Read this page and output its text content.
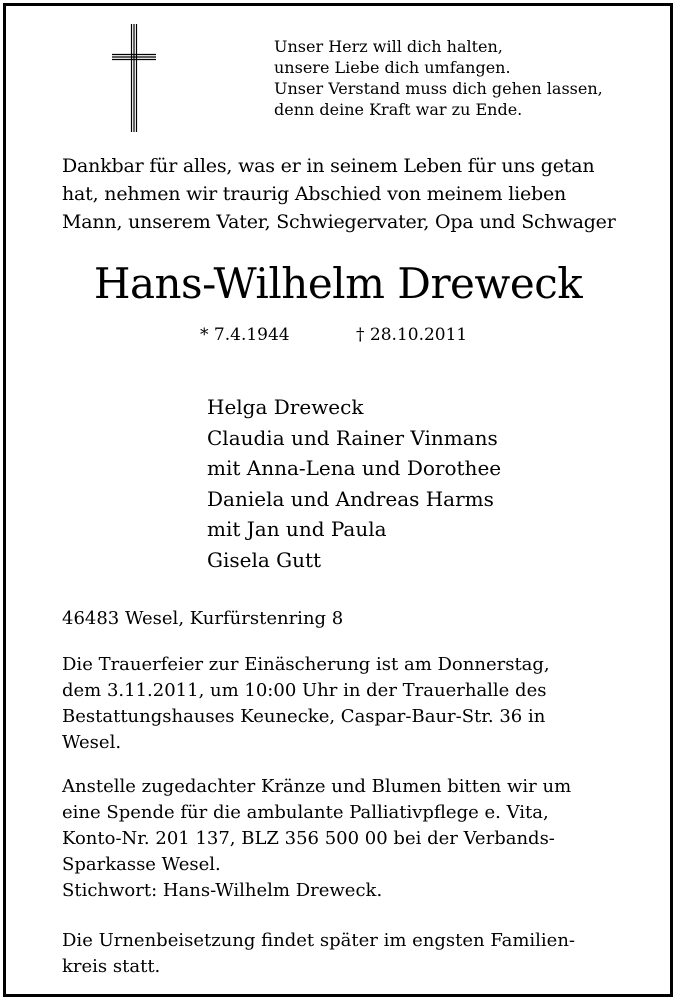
Unser Herz will dich halten,
unsere Liebe dich umfangen.
Unser Verstand muss dich gehen lassen,
denn deine Kraft war zu Ende.
Dankbar für alles, was er in seinem Leben für uns getan
hat, nehmen wir traurig Abschied von meinem lieben
Mann, unserem Vater, Schwiegervater, Opa und Schwager
Hans-Wilhelm Dreweck
* 7.4.1944	† 28.10.2011
Helga Dreweck
Claudia und Rainer Vinmans
mit Anna-Lena und Dorothee
Daniela und Andreas Harms
mit Jan und Paula
Gisela Gutt
46483 Wesel, Kurfürstenring 8
Die Trauerfeier zur Einäscherung ist am Donnerstag,
dem 3.11.2011, um 10:00 Uhr in der Trauerhalle des
Bestattungshauses Keunecke, Caspar-Baur-Str. 36 in
Wesel.
Anstelle zugedachter Kränze und Blumen bitten wir um
eine Spende für die ambulante Palliativpflege e. Vita,
Konto-Nr. 201 137, BLZ 356 500 00 bei der Verbands-
Sparkasse Wesel.
Stichwort: Hans-Wilhelm Dreweck.
Die Urnenbeisetzung findet später im engsten Familien-
kreis statt.
